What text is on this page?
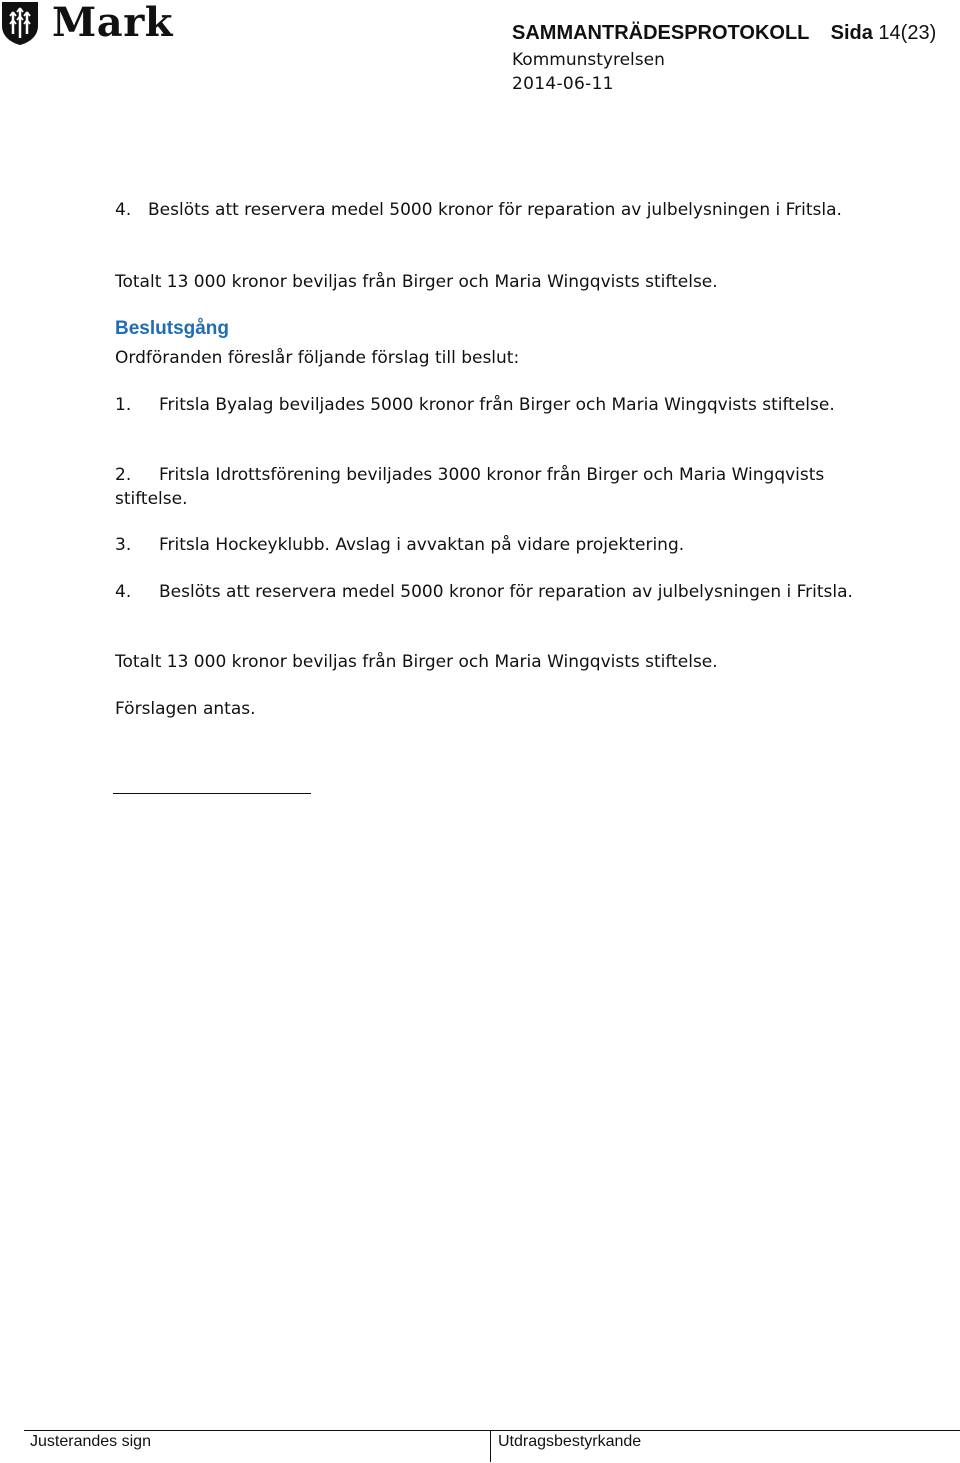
Mark	SAMMANTRÄDESPROTOKOLL Sida 14(23)
Kommunstyrelsen
2014-06-11

4. Beslöts att reservera medel 5000 kronor för reparation av julbelysningen i Fritsla.

Totalt 13 000 kronor beviljas från Birger och Maria Wingqvists stiftelse.

Beslutsgång

Ordföranden föreslår följande förslag till beslut:

1. Fritsla Byalag beviljades 5000 kronor från Birger och Maria Wingqvists stiftelse.

2. Fritsla Idrottsförening beviljades 3000 kronor från Birger och Maria Wingqvists stiftelse.

3. Fritsla Hockeyklubb. Avslag i avvaktan på vidare projektering.

4. Beslöts att reservera medel 5000 kronor för reparation av julbelysningen i Fritsla.

Totalt 13 000 kronor beviljas från Birger och Maria Wingqvists stiftelse.

Förslagen antas.

Justerandes sign	Utdragsbestyrkande
